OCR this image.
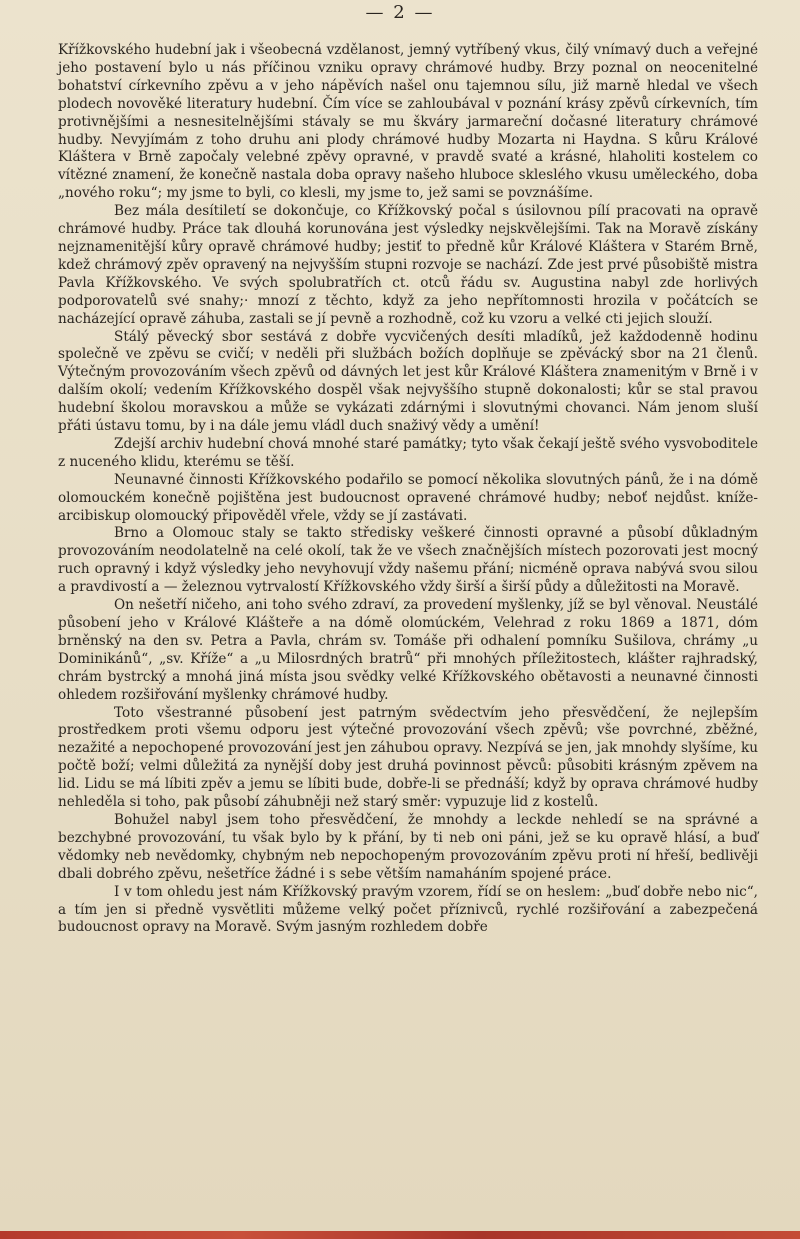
— 2 —

Křížkovského hudební jak i všeobecná vzdělanost, jemný vytříbený vkus, čilý vnímavý duch a veřejné jeho postavení bylo u nás příčinou vzniku opravy chrámové hudby. Brzy poznal on neocenitelné bohatství církevního zpěvu a v jeho nápěvích našel onu tajemnou sílu, již marně hledal ve všech plodech novověké literatury hudební. Čím více se zahloubával v poznání krásy zpěvů církevních, tím protivnějšími a nesnesitelnějšími stávaly se mu škváry jarmareční dočasné literatury chrámové hudby. Nevyjímám z toho druhu ani plody chrámové hudby Mozarta ni Haydna. S kůru Králové Kláštera v Brně započaly velebné zpěvy opravné, v pravdě svaté a krásné, hlaholiti kostelem co vítězné znamení, že konečně nastala doba opravy našeho hluboce skleslého vkusu uměleckého, doba „nového roku“; my jsme to byli, co klesli, my jsme to, jež sami se povznášíme.

Bez mála desítiletí se dokončuje, co Křížkovský počal s úsilovnou pílí pracovati na opravě chrámové hudby. Práce tak dlouhá korunována jest výsledky nejskvělejšími. Tak na Moravě získány nejznamenitější kůry opravě chrámové hudby; jestiť to předně kůr Králové Kláštera v Starém Brně, kdež chrámový zpěv opravený na nejvyšším stupni rozvoje se nachází. Zde jest prvé působiště mistra Pavla Křížkovského. Ve svých spolubratřích ct. otců řádu sv. Augustina nabyl zde horlivých podporovatelů své snahy;· mnozí z těchto, když za jeho nepřítomnosti hrozila v počátcích se nacházející opravě záhuba, zastali se jí pevně a rozhodně, což ku vzoru a velké cti jejich slouží.

Stálý pěvecký sbor sestává z dobře vycvičených desíti mladíků, jež každodenně hodinu společně ve zpěvu se cvičí; v neděli při službách božích doplňuje se zpěvácký sbor na 21 členů. Výtečným provozováním všech zpěvů od dávných let jest kůr Králové Kláštera znamenitým v Brně i v dalším okolí; vedením Křížkovského dospěl však nejvyššího stupně dokonalosti; kůr se stal pravou hudební školou moravskou a může se vykázati zdárnými i slovutnými chovanci. Nám jenom sluší přáti ústavu tomu, by i na dále jemu vládl duch snaživý vědy a umění!

Zdejší archiv hudební chová mnohé staré památky; tyto však čekají ještě svého vysvoboditele z nuceného klidu, kterému se těší.

Neunavné činnosti Křížkovského podařilo se pomocí několika slovutných pánů, že i na dómě olomouckém konečně pojištěna jest budoucnost opravené chrámové hudby; neboť nejdůst. kníže-arcibiskup olomoucký připověděl vřele, vždy se jí zastávati.

Brno a Olomouc staly se takto středisky veškeré činnosti opravné a působí důkladným provozováním neodolatelně na celé okolí, tak že ve všech značnějších místech pozorovati jest mocný ruch opravný i když výsledky jeho nevyhovují vždy našemu přání; nicméně oprava nabývá svou silou a pravdivostí a — železnou vytrvalostí Křížkovského vždy širší a širší půdy a důležitosti na Moravě.

On nešetří ničeho, ani toho svého zdraví, za provedení myšlenky, jíž se byl věnoval. Neustálé působení jeho v Králové Klášteře a na dómě olomúckém, Velehrad z roku 1869 a 1871, dóm brněnský na den sv. Petra a Pavla, chrám sv. Tomáše při odhalení pomníku Sušilova, chrámy „u Dominikánů“, „sv. Kříže“ a „u Milosrdných bratrů“ při mnohých příležitostech, klášter rajhradský, chrám bystrcký a mnohá jiná místa jsou svědky velké Křížkovského obětavosti a neunavné činnosti ohledem rozšiřování myšlenky chrámové hudby.

Toto všestranné působení jest patrným svědectvím jeho přesvědčení, že nejlepším prostředkem proti všemu odporu jest výtečné provozování všech zpěvů; vše povrchné, zběžné, nezažité a nepochopené provozování jest jen záhubou opravy. Nezpívá se jen, jak mnohdy slyšíme, ku počtě boží; velmi důležitá za nynější doby jest druhá povinnost pěvců: působiti krásným zpěvem na lid. Lidu se má líbiti zpěv a jemu se líbiti bude, dobře-li se přednáší; když by oprava chrámové hudby nehleděla si toho, pak působí záhubněji než starý směr: vypuzuje lid z kostelů.

Bohužel nabyl jsem toho přesvědčení, že mnohdy a leckde nehledí se na správné a bezchybné provozování, tu však bylo by k přání, by ti neb oni páni, jež se ku opravě hlásí, a buď vědomky neb nevědomky, chybným neb nepochopeným provozováním zpěvu proti ní hřeší, bedlivěji dbali dobrého zpěvu, nešetříce žádné i s sebe větším namaháním spojené práce.

I v tom ohledu jest nám Křížkovský pravým vzorem, řídí se on heslem: „buď dobře nebo nic“, a tím jen si předně vysvětliti můžeme velký počet příznivců, rychlé rozšiřování a zabezpečená budoucnost opravy na Moravě. Svým jasným rozhledem dobře
